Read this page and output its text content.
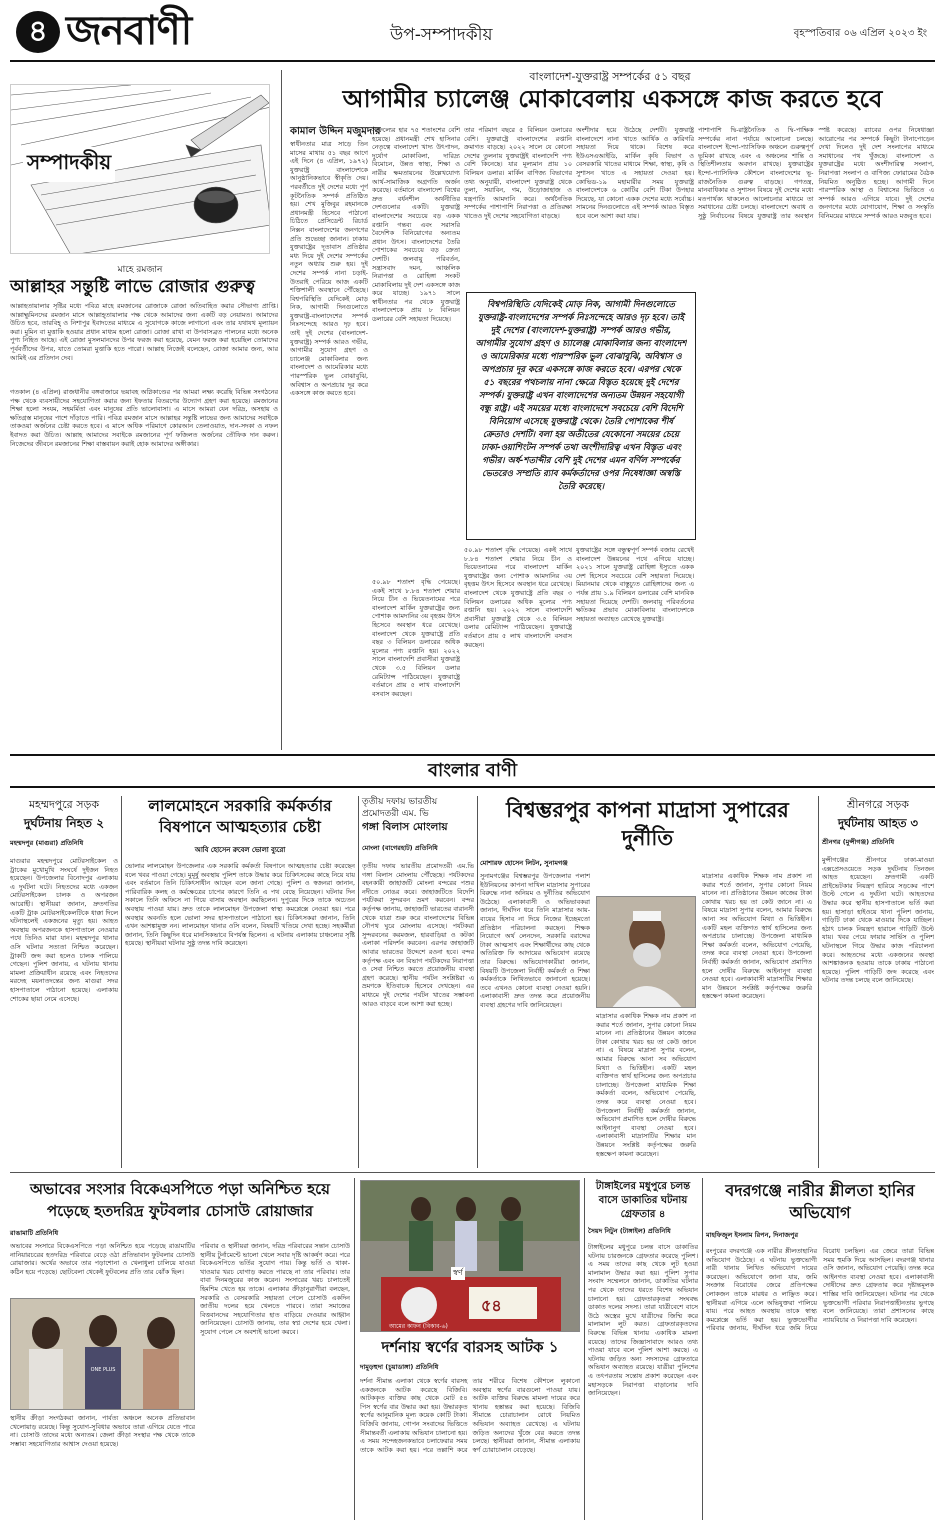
৪ জনবাণী	উপ-সম্পাদকীয়	বৃহস্পতিবার ০৬ এপ্রিল ২০২৩ ইং
সম্পাদকীয়
মাহে রমজান
আল্লাহর সন্তুষ্টি লাভে রোজার গুরুত্ব
আল্লাহতায়ালার সৃষ্টির মধ্যে পবিত্র মাহে রমজানের রোজাকে রোজা অতিবাহিত করার সৌভাগ্য প্রাপ্তি। আল্লাহ্মুমিনদের রমজান মাসে আল্লাহ্তায়ালার পক্ষ থেকে আমাদের জন্য একটি বড় নেয়ামত। আমাদের উচিত হবে, তারবিহ্‌ ও নিশাপুর ইবাদতের মাধ্যমে এ সুযোগকে কাজে লাগানো এবং তার যথাযথ মূল্যায়ন করা। মুমিন বা মুত্তাকি হওয়ার প্রধান মাধ্যম হলো রোজা। রোজা রাখা বা উপবাসব্রত পালনের মধ্যে অনেক পুণ্য নিহিত আছে। এই রোজা মুসলমানদের উপর ফরজ করা হয়েছে, যেমন ফরজ করা হয়েছিল তোমাদের পূর্ববর্তীদের উপর, যাতে তোমরা মুত্তাকি হতে পারো। আল্লাহ নিজেই বলেছেন, রোজা আমার জন্য, আর আমিই এর প্রতিদান দেব।
গতকাল (৪ এপ্রিল) রাজধানীর বঙ্গবাজারে ভয়াবহ অগ্নিকাণ্ডের পর আমরা লক্ষ্য করেছি বিভিন্ন সংগঠনের পক্ষ থেকে ব্যবসায়ীদের সহযোগিতা করার জন্য ইফতার বিতরণের উদ্যোগ গ্রহণ করা হয়েছে। রমজানের শিক্ষা হলো সংযম, সহমর্মিতা এবং মানুষের প্রতি ভালোবাসা। এ মাসে আমরা যেন দরিদ্র, অসহায় ও ক্ষতিগ্রস্ত মানুষের পাশে দাঁড়াতে পারি। পবিত্র রমজান মাসে আল্লাহর সন্তুষ্টি লাভের জন্য আমাদের সবাইকে তাকওয়া অর্জনের চেষ্টা করতে হবে। এ মাসে অধিক পরিমাণে কোরআন তেলাওয়াত, দান-সদকা ও নফল ইবাদত করা উচিত। আল্লাহ আমাদের সবাইকে রমজানের পূর্ণ ফজিলত অর্জনের তৌফিক দান করুন। নিজেদের জীবনে রমজানের শিক্ষা বাস্তবায়ন করাই হোক আমাদের অঙ্গীকার।
বাংলাদেশ-যুক্তরাষ্ট্র সম্পর্কের ৫১ বছর
আগামীর চ্যালেঞ্জ মোকাবেলায় একসঙ্গে কাজ করতে হবে
কামাল উদ্দিন মজুমদার
স্বাধীনতার মাত্র সাড়ে তিন মাসের মাথায় ৫১ বছর আগে এই দিনে (৪ এপ্রিল, ১৯৭২) যুক্তরাষ্ট্র বাংলাদেশকে আনুষ্ঠানিকভাবে স্বীকৃতি দেয়। পরবর্তীতে দুই দেশের মধ্যে পূর্ণ কূটনৈতিক সম্পর্ক প্রতিষ্ঠিত হয়। শেখ মুজিবুর রহমানকে প্রধানমন্ত্রী হিসেবে পাঠানো চিঠিতে প্রেসিডেন্ট রিচার্ড নিক্সন বাংলাদেশের জনগণের প্রতি শুভেচ্ছা জানান। ঢাকায় যুক্তরাষ্ট্রের দূতাবাস প্রতিষ্ঠার মধ্য দিয়ে দুই দেশের সম্পর্কের নতুন অধ্যায় শুরু হয়। দুই দেশের সম্পর্ক নানা চড়াই-উতরাই পেরিয়ে আজ একটি শক্তিশালী অবস্থানে পৌঁছেছে। বিশ্বপরিস্থিতি যেদিকেই মোড় নিক, আগামী দিনগুলোতে যুক্তরাষ্ট্র-বাংলাদেশের সম্পর্ক নিঃসন্দেহে আরও দৃঢ় হবে। তাই দুই দেশের (বাংলাদেশ-যুক্তরাষ্ট্র) সম্পর্ক আরও গভীর, আগামীর সুযোগ গ্রহণ ও চ্যালেঞ্জ মোকাবিলার জন্য বাংলাদেশ ও আমেরিকার মধ্যে পারস্পরিক ভুল বোঝাবুঝি, অবিশ্বাস ও অপপ্রচার দূর করে একসঙ্গে কাজ করতে হবে।
সাফল্যের হার ৭৫ শতাংশের বেশি হয়েছে। প্রধানমন্ত্রী শেখ হাসিনার নেতৃত্বে বাংলাদেশ খাদ্য উৎপাদন, দুর্যোগ মোকাবিলা, দারিদ্র্য বিমোচন, উন্নত স্বাস্থ্য, শিক্ষা ও নারীর ক্ষমতায়নের উল্লেখযোগ্য আর্থ-সামাজিক অগ্রগতি অর্জন করেছে। বর্তমানে বাংলাদেশ বিশ্বের দ্রুত বর্ধনশীল অর্থনীতির দেশগুলোর একটি। যুক্তরাষ্ট্র বাংলাদেশের সবচেয়ে বড় একক রপ্তানি গন্তব্য এবং সরাসরি বৈদেশিক বিনিয়োগের অন্যতম প্রধান উৎস। বাংলাদেশের তৈরি পোশাকের সবচেয়ে বড় ক্রেতা দেশটি। জলবায়ু পরিবর্তন, সন্ত্রাসবাদ দমন, আঞ্চলিক নিরাপত্তা ও রোহিঙ্গা সংকট মোকাবিলায় দুই দেশ একসঙ্গে কাজ করে যাচ্ছে। ১৯৭১ সালে স্বাধীনতার পর থেকে যুক্তরাষ্ট্র বাংলাদেশকে প্রায় ৮ বিলিয়ন ডলারের বেশি সহায়তা দিয়েছে।
তার পরিমাণ বছরে ৫ বিলিয়ন ডলারের বেশি। যুক্তরাষ্ট্রে বাংলাদেশের রপ্তানি ক্রমাগত বাড়ছে। ২০২২ সালে যে কোনো দেশের তুলনায় যুক্তরাষ্ট্রই বাংলাদেশি পণ্য বেশি কিনেছে। যার মূল্যমান প্রায় ১০ বিলিয়ন ডলার। মার্কিন বাণিজ্য বিভাগের তথ্য অনুযায়ী, বাংলাদেশ যুক্তরাষ্ট্র থেকে তুলা, সয়াবিন, গম, উড়োজাহাজ ও যন্ত্রপাতি আমদানি করে। অর্থনৈতিক সম্পর্কের পাশাপাশি নিরাপত্তা ও প্রতিরক্ষা খাতেও দুই দেশের সহযোগিতা বাড়ছে।
অংশীদার হয়ে উঠেছে দেশটি। যুক্তরাষ্ট্র বাংলাদেশে নানা খাতে আর্থিক ও কারিগরি সহায়তা দিয়ে থাকে। বিশেষ করে ইউএসএআইডি, মার্কিন কৃষি বিভাগ ও বেসরকারি খাতের মাধ্যমে শিক্ষা, স্বাস্থ্য, কৃষি ও সুশাসন খাতে এ সহায়তা দেওয়া হয়। কোভিড-১৯ মহামারীর সময় যুক্তরাষ্ট্র বাংলাদেশকে ৬ কোটির বেশি টিকা উপহার দিয়েছে, যা কোনো একক দেশের মধ্যে সর্বোচ্চ। সামনের দিনগুলোতে এই সম্পর্ক আরও বিস্তৃত হবে বলে আশা করা যায়।
পাশাপাশি দ্বি-রাষ্ট্রনৈতিক ও দ্বি-পাক্ষিক সম্পর্কের নানা পর্যায়ে আলোচনা চলছে। বাংলাদেশ ইন্দো-প্যাসিফিক অঞ্চলে গুরুত্বপূর্ণ ভূমিকা রাখছে এবং এ অঞ্চলের শান্তি ও স্থিতিশীলতায় অবদান রাখছে। যুক্তরাষ্ট্রের ইন্দো-প্যাসিফিক কৌশলে বাংলাদেশের ভূ-রাজনৈতিক গুরুত্ব বাড়ছে। গণতন্ত্র, মানবাধিকার ও সুশাসন বিষয়ে দুই দেশের মধ্যে মতপার্থক্য থাকলেও আলোচনার মাধ্যমে তা সমাধানের চেষ্টা চলছে। বাংলাদেশে অবাধ ও সুষ্ঠু নির্বাচনের বিষয়ে যুক্তরাষ্ট্র তার অবস্থান স্পষ্ট করেছে। র‍্যাবের ওপর নিষেধাজ্ঞা আরোপের পর সম্পর্কে কিছুটা টানাপোড়েন দেখা দিলেও দুই দেশ সংলাপের মাধ্যমে সমাধানের পথ খুঁজছে। বাংলাদেশ ও যুক্তরাষ্ট্রের মধ্যে অংশীদারিত্ব সংলাপ, নিরাপত্তা সংলাপ ও বাণিজ্য ফোরামের বৈঠক নিয়মিত অনুষ্ঠিত হচ্ছে। আগামী দিনে পারস্পরিক আস্থা ও বিশ্বাসের ভিত্তিতে এ সম্পর্ক আরও এগিয়ে যাবে। দুই দেশের জনগণের মধ্যে যোগাযোগ, শিক্ষা ও সংস্কৃতি বিনিময়ের মাধ্যমে সম্পর্ক আরও মজবুত হবে।
বিশ্বপরিস্থিতি যেদিকেই মোড় নিক, আগামী দিনগুলোতে যুক্তরাষ্ট্র-বাংলাদেশের সম্পর্ক নিঃসন্দেহে আরও দৃঢ় হবে। তাই দুই দেশের (বাংলাদেশ-যুক্তরাষ্ট্র) সম্পর্ক আরও গভীর, আগামীর সুযোগ গ্রহণ ও চ্যালেঞ্জ মোকাবিলার জন্য বাংলাদেশ ও আমেরিকার মধ্যে পারস্পরিক ভুল বোঝাবুঝি, অবিশ্বাস ও অপপ্রচার দূর করে একসঙ্গে কাজ করতে হবে। এরপর থেকে ৫১ বছরের পথচলায় নানা ক্ষেত্রে বিস্তৃত হয়েছে দুই দেশের সম্পর্ক। যুক্তরাষ্ট্র এখন বাংলাদেশের অন্যতম উন্নয়ন সহযোগী বন্ধু রাষ্ট্র। এই সময়ের মধ্যে বাংলাদেশে সবচেয়ে বেশি বিদেশি বিনিয়োগ এসেছে যুক্তরাষ্ট্র থেকে। তৈরি পোশাকের শীর্ষ ক্রেতাও দেশটি। বলা হয় অতীতের যেকোনো সময়ের চেয়ে ঢাকা-ওয়াশিংটন সম্পর্ক তথা অংশীদারিত্ব এখন বিস্তৃত এবং গভীর। অর্ধ-শতাব্দীর বেশি দুই দেশের এমন বর্ণিল সম্পর্কের ভেতরেও সম্প্রতি র‍্যাব কর্মকর্তাদের ওপর নিষেধাজ্ঞা অস্বস্তি তৈরি করেছে।
৫০.৯৮ শতাংশ বৃদ্ধি পেয়েছে। একই সাথে ৮.৮৪ শতাংশ শেয়ার নিয়ে চীন ও ভিয়েতনামের পরে বাংলাদেশ মার্কিন যুক্তরাষ্ট্রের জন্য পোশাক আমদানির ৩য় বৃহত্তম উৎস হিসেবে অবস্থান ধরে রেখেছে। বাংলাদেশ থেকে যুক্তরাষ্ট্রে প্রতি বছর ৩ বিলিয়ন ডলারের অধিক মূল্যের পণ্য রপ্তানি হয়। ২০২২ সালে বাংলাদেশি প্রবাসীরা যুক্তরাষ্ট্র থেকে ৩.৫ বিলিয়ন ডলার রেমিট্যান্স পাঠিয়েছেন। যুক্তরাষ্ট্রে বর্তমানে প্রায় ৫ লাখ বাংলাদেশি বসবাস করছেন।
৫০.৯৮ শতাংশ বৃদ্ধি পেয়েছে। একই সাথে ৮.৮৪ শতাংশ শেয়ার নিয়ে চীন ও ভিয়েতনামের পরে বাংলাদেশ মার্কিন যুক্তরাষ্ট্রের জন্য পোশাক আমদানির ৩য় বৃহত্তম উৎস হিসেবে অবস্থান ধরে রেখেছে। বাংলাদেশ থেকে যুক্তরাষ্ট্রে প্রতি বছর ৩ বিলিয়ন ডলারের অধিক মূল্যের পণ্য রপ্তানি হয়। ২০২২ সালে বাংলাদেশি প্রবাসীরা যুক্তরাষ্ট্র থেকে ৩.৫ বিলিয়ন ডলার রেমিট্যান্স পাঠিয়েছেন। যুক্তরাষ্ট্রে বর্তমানে প্রায় ৫ লাখ বাংলাদেশি বসবাস করছেন।
যুক্তরাষ্ট্রের সঙ্গে বন্ধুত্বপূর্ণ সম্পর্ক বজায় রেখেই বাংলাদেশ উন্নয়নের পথে এগিয়ে যাচ্ছে। ২০২১ সালে যুক্তরাষ্ট্র রোহিঙ্গা ইস্যুতে একক দেশ হিসেবে সবচেয়ে বেশি সহায়তা দিয়েছে। মিয়ানমার থেকে বাস্তুচ্যুত রোহিঙ্গাদের জন্য এ পর্যন্ত প্রায় ১.৯ বিলিয়ন ডলারের বেশি মানবিক সহায়তা দিয়েছে দেশটি। জলবায়ু পরিবর্তনের ক্ষতিকর প্রভাব মোকাবিলায় বাংলাদেশকে সহায়তা অব্যাহত রেখেছে যুক্তরাষ্ট্র।
বাংলার বাণী
মহম্মদপুরে সড়ক
দুর্ঘটনায় নিহত ২
মহম্মদপুর (মাগুরা) প্রতিনিধি
মাগুরার মহম্মদপুরে মোটরসাইকেল ও ট্রাকের মুখোমুখি সংঘর্ষে দুইজন নিহত হয়েছেন। উপজেলার বিনোদপুর এলাকায় এ দুর্ঘটনা ঘটে। নিহতদের মধ্যে একজন মোটরসাইকেল চালক ও অপরজন আরোহী। স্থানীয়রা জানান, দ্রুতগতির একটি ট্রাক মোটরসাইকেলটিকে ধাক্কা দিলে ঘটনাস্থলেই একজনের মৃত্যু হয়। আহত অবস্থায় অপরজনকে হাসপাতালে নেওয়ার পথে তিনিও মারা যান। মহম্মদপুর থানার ওসি ঘটনার সত্যতা নিশ্চিত করেছেন। ট্রাকটি জব্দ করা হলেও চালক পালিয়ে গেছেন। পুলিশ জানায়, এ ঘটনায় থানায় মামলা প্রক্রিয়াধীন রয়েছে এবং নিহতদের মরদেহ ময়নাতদন্তের জন্য মাগুরা সদর হাসপাতালে পাঠানো হয়েছে। এলাকায় শোকের ছায়া নেমে এসেছে।
লালমোহনে সরকারি কর্মকর্তার বিষপানে আত্মহত্যার চেষ্টা
আবি হোসেন রুবেল ভোলা ব্যুরো
ভোলার লালমোহন উপজেলার এক সরকারি কর্মকর্তা বিষপানে আত্মহত্যার চেষ্টা করেছেন বলে খবর পাওয়া গেছে। মুমূর্ষু অবস্থায় পুলিশ তাকে উদ্ধার করে চিকিৎসকের কাছে নিয়ে যায় এবং বর্তমানে তিনি চিকিৎসাধীন আছেন বলে জানা গেছে। পুলিশ ও স্বজনরা জানান, পারিবারিক কলহ ও কর্মক্ষেত্রের চাপের কারণে তিনি এ পথ বেছে নিয়েছেন। ঘটনার দিন সকালে তিনি অফিসে না গিয়ে বাসায় অবস্থান করছিলেন। দুপুরের দিকে তাকে অচেতন অবস্থায় পাওয়া যায়। দ্রুত তাকে লালমোহন উপজেলা স্বাস্থ্য কমপ্লেক্সে নেওয়া হয়। পরে অবস্থার অবনতি হলে ভোলা সদর হাসপাতালে পাঠানো হয়। চিকিৎসকরা জানান, তিনি এখন আশঙ্কামুক্ত নন। লালমোহন থানার ওসি বলেন, বিষয়টি খতিয়ে দেখা হচ্ছে। সহকর্মীরা জানান, তিনি কিছুদিন ধরে মানসিকভাবে বিপর্যস্ত ছিলেন। এ ঘটনায় এলাকায় চাঞ্চল্যের সৃষ্টি হয়েছে। স্থানীয়রা ঘটনার সুষ্ঠু তদন্ত দাবি করেছেন।
তৃতীয় দফায় ভারতীয় প্রমোদতরী এম. ভি
গঙ্গা বিলাস মোংলায়
মোংলা (বাগেরহাট) প্রতিনিধি
তৃতীয় দফায় ভারতীয় প্রমোদতরী এম.ভি গঙ্গা বিলাস মোংলায় পৌঁছেছে। পর্যটকদের বহনকারী জাহাজটি মোংলা বন্দরের পশুর নদীতে নোঙর করে। জাহাজটিতে বিদেশি পর্যটকরা সুন্দরবন ভ্রমণ করবেন। বন্দর কর্তৃপক্ষ জানায়, জাহাজটি ভারতের বারানসী থেকে যাত্রা শুরু করে বাংলাদেশের বিভিন্ন নৌপথ ঘুরে মোংলায় এসেছে। পর্যটকরা সুন্দরবনের করমজল, হারবাড়িয়া ও কটকা এলাকা পরিদর্শন করবেন। এরপর জাহাজটি আবার ভারতের উদ্দেশে রওনা হবে। বন্দর কর্তৃপক্ষ এবং বন বিভাগ পর্যটকদের নিরাপত্তা ও সেবা নিশ্চিত করতে প্রয়োজনীয় ব্যবস্থা গ্রহণ করেছে। স্থানীয় পর্যটন সংশ্লিষ্টরা এ ভ্রমণকে ইতিবাচক হিসেবে দেখছেন। এর মাধ্যমে দুই দেশের পর্যটন খাতের সম্ভাবনা আরও বাড়বে বলে আশা করা হচ্ছে।
বিশ্বম্ভরপুর কাপনা মাদ্রাসা সুপারের দুর্নীতি
মোশারফ হোসেন লিটন, সুনামগঞ্জ
সুনামগঞ্জের বিশ্বম্ভরপুর উপজেলার পলাশ ইউনিয়নের কাপনা দাখিল মাদ্রাসার সুপারের বিরুদ্ধে নানা অনিয়ম ও দুর্নীতির অভিযোগ উঠেছে। এলাকাবাসী ও অভিভাবকরা জানান, দীর্ঘদিন ধরে তিনি মাদ্রাসার আয়-ব্যয়ের হিসাব না দিয়ে নিজের ইচ্ছেমতো প্রতিষ্ঠান পরিচালনা করছেন। শিক্ষক নিয়োগে অর্থ লেনদেন, সরকারি বরাদ্দের টাকা আত্মসাৎ এবং শিক্ষার্থীদের কাছ থেকে অতিরিক্ত ফি আদায়ের অভিযোগ রয়েছে তার বিরুদ্ধে। অভিযোগকারীরা জানান, বিষয়টি উপজেলা নির্বাহী কর্মকর্তা ও শিক্ষা কর্মকর্তাকে লিখিতভাবে জানানো হয়েছে। তবে এখনও কোনো ব্যবস্থা নেওয়া হয়নি। এলাকাবাসী দ্রুত তদন্ত করে প্রয়োজনীয় ব্যবস্থা গ্রহণের দাবি জানিয়েছেন।
মাদ্রাসার একাধিক শিক্ষক নাম প্রকাশ না করার শর্তে জানান, সুপার কোনো নিয়ম মানেন না। প্রতিষ্ঠানের উন্নয়ন কাজের টাকা কোথায় খরচ হয় তা কেউ জানে না। এ বিষয়ে মাদ্রাসা সুপার বলেন, আমার বিরুদ্ধে আনা সব অভিযোগ মিথ্যা ও ভিত্তিহীন। একটি মহল ব্যক্তিগত স্বার্থ হাসিলের জন্য অপপ্রচার চালাচ্ছে। উপজেলা মাধ্যমিক শিক্ষা কর্মকর্তা বলেন, অভিযোগ পেয়েছি, তদন্ত করে ব্যবস্থা নেওয়া হবে। উপজেলা নির্বাহী কর্মকর্তা জানান, অভিযোগ প্রমাণিত হলে দোষীর বিরুদ্ধে আইনানুগ ব্যবস্থা নেওয়া হবে। এলাকাবাসী মাদ্রাসাটির শিক্ষার মান উন্নয়নে সংশ্লিষ্ট কর্তৃপক্ষের জরুরি হস্তক্ষেপ কামনা করেছেন।
মাদ্রাসার একাধিক শিক্ষক নাম প্রকাশ না করার শর্তে জানান, সুপার কোনো নিয়ম মানেন না। প্রতিষ্ঠানের উন্নয়ন কাজের টাকা কোথায় খরচ হয় তা কেউ জানে না। এ বিষয়ে মাদ্রাসা সুপার বলেন, আমার বিরুদ্ধে আনা সব অভিযোগ মিথ্যা ও ভিত্তিহীন। একটি মহল ব্যক্তিগত স্বার্থ হাসিলের জন্য অপপ্রচার চালাচ্ছে। উপজেলা মাধ্যমিক শিক্ষা কর্মকর্তা বলেন, অভিযোগ পেয়েছি, তদন্ত করে ব্যবস্থা নেওয়া হবে। উপজেলা নির্বাহী কর্মকর্তা জানান, অভিযোগ প্রমাণিত হলে দোষীর বিরুদ্ধে আইনানুগ ব্যবস্থা নেওয়া হবে। এলাকাবাসী মাদ্রাসাটির শিক্ষার মান উন্নয়নে সংশ্লিষ্ট কর্তৃপক্ষের জরুরি হস্তক্ষেপ কামনা করেছেন।
শ্রীনগরে সড়ক
দুর্ঘটনায় আহত ৩
শ্রীনগর (মুন্সীগঞ্জ) প্রতিনিধি
মুন্সীগঞ্জের শ্রীনগরে ঢাকা-মাওয়া এক্সপ্রেসওয়েতে সড়ক দুর্ঘটনায় তিনজন আহত হয়েছেন। দ্রুতগামী একটি প্রাইভেটকার নিয়ন্ত্রণ হারিয়ে সড়কের পাশে উল্টে গেলে এ দুর্ঘটনা ঘটে। আহতদের উদ্ধার করে স্থানীয় হাসপাতালে ভর্তি করা হয়। হাসাড়া হাইওয়ে থানা পুলিশ জানায়, গাড়িটি ঢাকা থেকে মাওয়ার দিকে যাচ্ছিল। হঠাৎ চালক নিয়ন্ত্রণ হারালে গাড়িটি উল্টে যায়। খবর পেয়ে ফায়ার সার্ভিস ও পুলিশ ঘটনাস্থলে গিয়ে উদ্ধার কাজ পরিচালনা করে। আহতদের মধ্যে একজনের অবস্থা আশঙ্কাজনক হওয়ায় তাকে ঢাকায় পাঠানো হয়েছে। পুলিশ গাড়িটি জব্দ করেছে এবং ঘটনার তদন্ত চলছে বলে জানিয়েছে।
অভাবের সংসার বিকেএসপিতে পড়া অনিশ্চিত হয়ে পড়েছে হতদরিদ্র ফুটবলার চোসাউ রোয়াজার
রাঙামাটি প্রতিনিধি
অভাবের সংসারে বিকেএসপিতে পড়া অনিশ্চিত হয়ে পড়েছে রাঙামাটির নানিয়ারচরের হতদরিদ্র পরিবারে বেড়ে ওঠা প্রতিভাবান ফুটবলার চোসাউ রোয়াজার। অর্থের অভাবে তার পড়াশোনা ও খেলাধুলা চালিয়ে যাওয়া কঠিন হয়ে পড়েছে। ছোটবেলা থেকেই ফুটবলের প্রতি তার ঝোঁক ছিল।
ONE PLUS
স্থানীয় ক্রীড়া সংগঠকরা জানান, পার্বত্য অঞ্চলে অনেক প্রতিভাবান খেলোয়াড় রয়েছে। কিন্তু সুযোগ-সুবিধার অভাবে তারা এগিয়ে যেতে পারে না। চোসাউ তাদের মধ্যে অন্যতম। জেলা ক্রীড়া সংস্থার পক্ষ থেকে তাকে সম্ভাব্য সহযোগিতার আশ্বাস দেওয়া হয়েছে।
পরিবার ও স্থানীয়রা জানান, দরিদ্র পরিবারের সন্তান চোসাউ স্থানীয় টুর্নামেন্টে ভালো খেলে সবার দৃষ্টি আকর্ষণ করে। পরে বিকেএসপিতে ভর্তির সুযোগ পায়। কিন্তু ভর্তি ও থাকা-খাওয়ার খরচ যোগাড় করতে পারছে না তার পরিবার। তার বাবা দিনমজুরের কাজ করেন। সংসারের খরচ চালাতেই হিমশিম খেতে হয় তাকে। এলাকার ক্রীড়ানুরাগীরা বলছেন, সরকারি ও বেসরকারি সহায়তা পেলে চোসাউ একদিন জাতীয় দলের হয়ে খেলতে পারবে। তারা সমাজের বিত্তবানদের সহযোগিতার হাত বাড়িয়ে দেওয়ার আহ্বান জানিয়েছেন। চোসাউ জানায়, তার স্বপ্ন দেশের হয়ে খেলা। সুযোগ পেলে সে অবশ্যই ভালো করবে।
স্বর্ণ
৫৪
আমের কাফন (বিকাব-৬)
দর্শনায় স্বর্ণের বারসহ আটক ১
দামুড়হুদা (চুয়াডাঙ্গা) প্রতিনিধি
দর্শনা সীমান্ত এলাকা থেকে স্বর্ণের বারসহ একজনকে আটক করেছে বিজিবি। আটককৃত ব্যক্তির কাছ থেকে মোট ৫৪ পিস স্বর্ণের বার উদ্ধার করা হয়। উদ্ধারকৃত স্বর্ণের আনুমানিক মূল্য কয়েক কোটি টাকা। বিজিবি জানায়, গোপন সংবাদের ভিত্তিতে সীমান্তবর্তী এলাকায় অভিযান চালানো হয়। এ সময় সন্দেহজনকভাবে চলাফেরার সময় তাকে আটক করা হয়। পরে তল্লাশি করে তার শরীরে বিশেষ কৌশলে লুকানো অবস্থায় স্বর্ণের বারগুলো পাওয়া যায়। আটক ব্যক্তির বিরুদ্ধে মামলা দায়ের করে থানায় হস্তান্তর করা হয়েছে। বিজিবি সীমান্তে চোরাচালান রোধে নিয়মিত অভিযান অব্যাহত রেখেছে। এ ঘটনায় জড়িত অন্যদের খুঁজে বের করতে তদন্ত চলছে। স্থানীয়রা জানান, সীমান্ত এলাকায় স্বর্ণ চোরাচালান বেড়েছে।
টাঙ্গাইলের মধুপুরে চলন্ত বাসে ডাকাতির ঘটনায় গ্রেফতার ৪
সৈয়দ নিটুন (টাঙ্গাইল) প্রতিনিধি
টাঙ্গাইলের মধুপুরে চলন্ত বাসে ডাকাতির ঘটনায় চারজনকে গ্রেফতার করেছে পুলিশ। এ সময় তাদের কাছ থেকে লুট হওয়া মালামাল উদ্ধার করা হয়। পুলিশ সুপার সংবাদ সম্মেলনে জানান, ডাকাতির ঘটনার পর থেকে তাদের ধরতে বিশেষ অভিযান চালানো হয়। গ্রেফতারকৃতরা সংঘবদ্ধ ডাকাত দলের সদস্য। তারা যাত্রীবেশে বাসে উঠে অস্ত্রের মুখে যাত্রীদের জিম্মি করে মালামাল লুট করত। গ্রেফতারকৃতদের বিরুদ্ধে বিভিন্ন থানায় একাধিক মামলা রয়েছে। তাদের জিজ্ঞাসাবাদে আরও তথ্য পাওয়া যাবে বলে পুলিশ আশা করছে। এ ঘটনায় জড়িত অন্য সদস্যদের গ্রেফতারে অভিযান অব্যাহত রয়েছে। যাত্রীরা পুলিশের এ তৎপরতায় সন্তোষ প্রকাশ করেছেন এবং মহাসড়কে নিরাপত্তা বাড়ানোর দাবি জানিয়েছেন।
বদরগঞ্জে নারীর শ্লীলতা হানির অভিযোগ
মাহফিজুল ইসলাম রিপন, দিনাজপুর
রংপুরের বদরগঞ্জে এক নারীর শ্লীলতাহানির অভিযোগ উঠেছে। এ ঘটনায় ভুক্তভোগী নারী থানায় লিখিত অভিযোগ দায়ের করেছেন। অভিযোগে জানা যায়, জমি সংক্রান্ত বিরোধের জেরে প্রতিপক্ষের লোকজন তাকে মারধর ও লাঞ্ছিত করে। স্থানীয়রা এগিয়ে এলে অভিযুক্তরা পালিয়ে যায়। পরে আহত অবস্থায় তাকে স্বাস্থ্য কমপ্লেক্সে ভর্তি করা হয়। ভুক্তভোগীর পরিবার জানায়, দীর্ঘদিন ধরে জমি নিয়ে বিরোধ চলছিল। এর জেরে তারা বিভিন্ন সময় হুমকি দিয়ে আসছিল। বদরগঞ্জ থানার ওসি জানান, অভিযোগ পেয়েছি। তদন্ত করে আইনগত ব্যবস্থা নেওয়া হবে। এলাকাবাসী দোষীদের দ্রুত গ্রেফতার করে দৃষ্টান্তমূলক শাস্তির দাবি জানিয়েছেন। ঘটনার পর থেকে ভুক্তভোগী পরিবার নিরাপত্তাহীনতায় ভুগছে বলে জানিয়েছে। তারা প্রশাসনের কাছে ন্যায়বিচার ও নিরাপত্তা দাবি করেছেন।
